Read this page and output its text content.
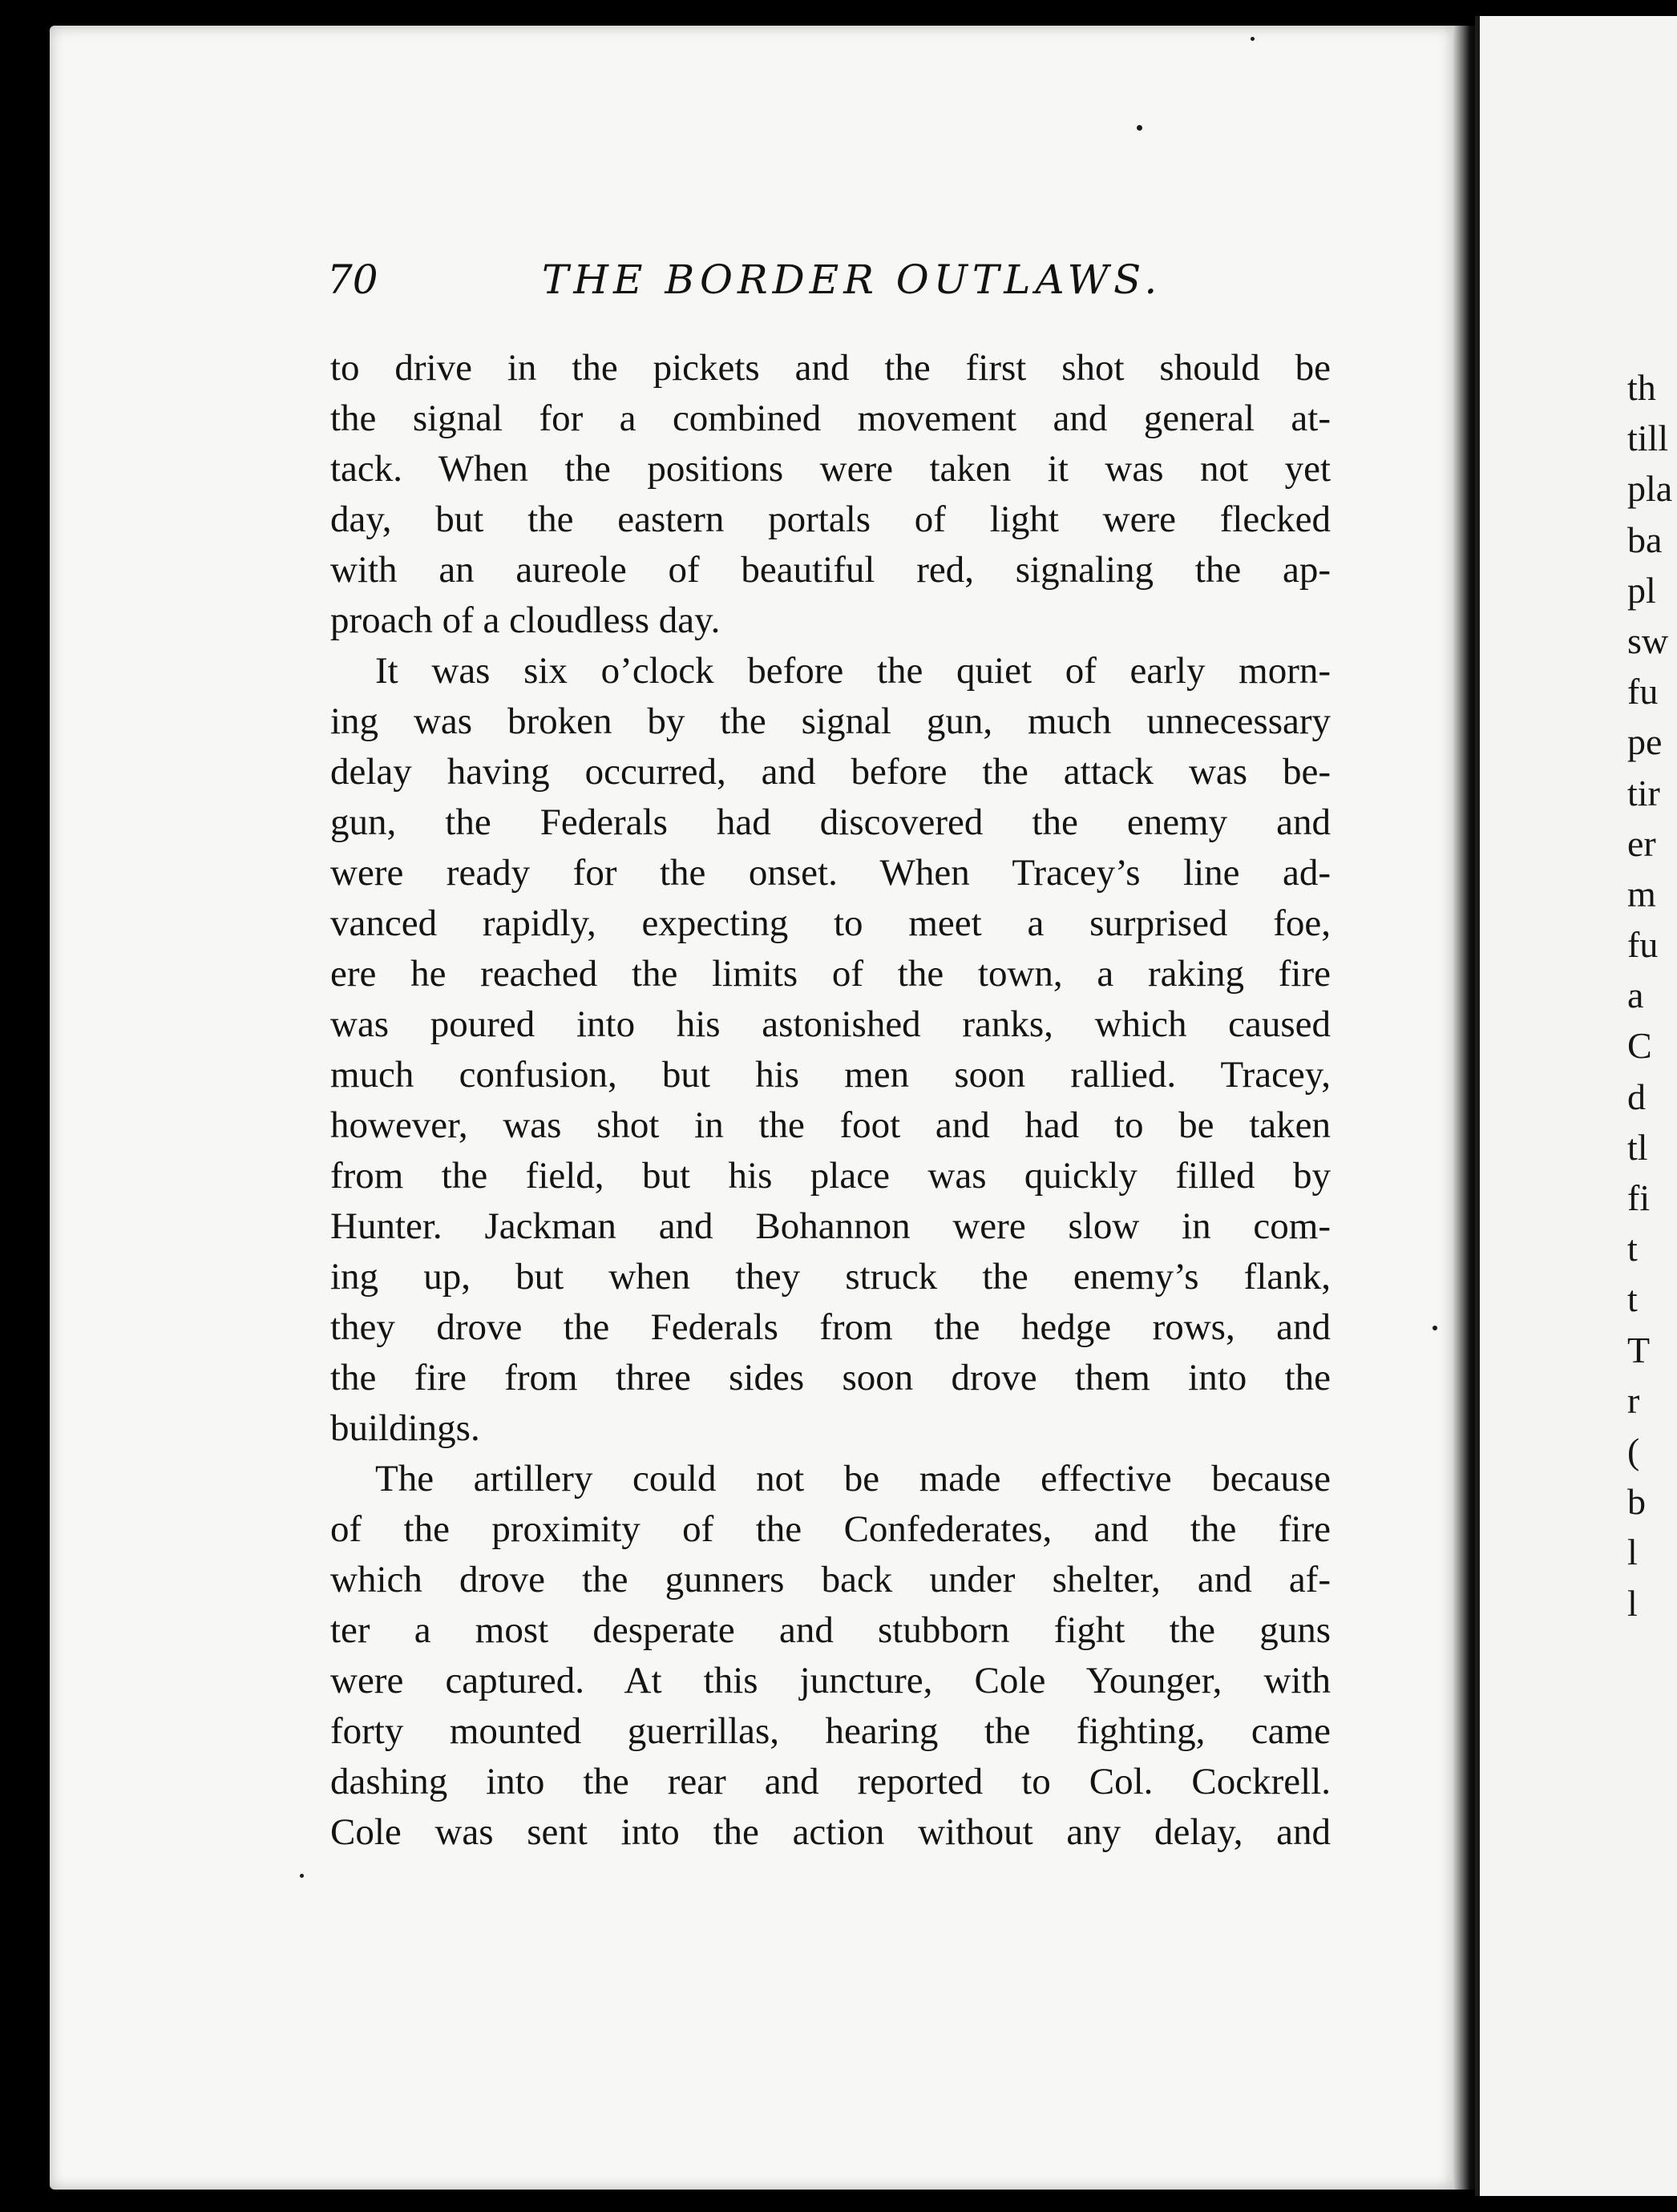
70	THE BORDER OUTLAWS.
to drive in the pickets and the first shot should be
the signal for a combined movement and general at-
tack. When the positions were taken it was not yet
day, but the eastern portals of light were flecked
with an aureole of beautiful red, signaling the ap-
proach of a cloudless day.
It was six o’clock before the quiet of early morn-
ing was broken by the signal gun, much unnecessary
delay having occurred, and before the attack was be-
gun, the Federals had discovered the enemy and
were ready for the onset. When Tracey’s line ad-
vanced rapidly, expecting to meet a surprised foe,
ere he reached the limits of the town, a raking fire
was poured into his astonished ranks, which caused
much confusion, but his men soon rallied. Tracey,
however, was shot in the foot and had to be taken
from the field, but his place was quickly filled by
Hunter. Jackman and Bohannon were slow in com-
ing up, but when they struck the enemy’s flank,
they drove the Federals from the hedge rows, and
the fire from three sides soon drove them into the
buildings.
The artillery could not be made effective because
of the proximity of the Confederates, and the fire
which drove the gunners back under shelter, and af-
ter a most desperate and stubborn fight the guns
were captured. At this juncture, Cole Younger, with
forty mounted guerrillas, hearing the fighting, came
dashing into the rear and reported to Col. Cockrell.
Cole was sent into the action without any delay, and
th
till
pla
ba
pl
sw
fu
pe
tir
er
m
fu
a
C
d
tl
fi
t
t
T
r
(
b
l
l
